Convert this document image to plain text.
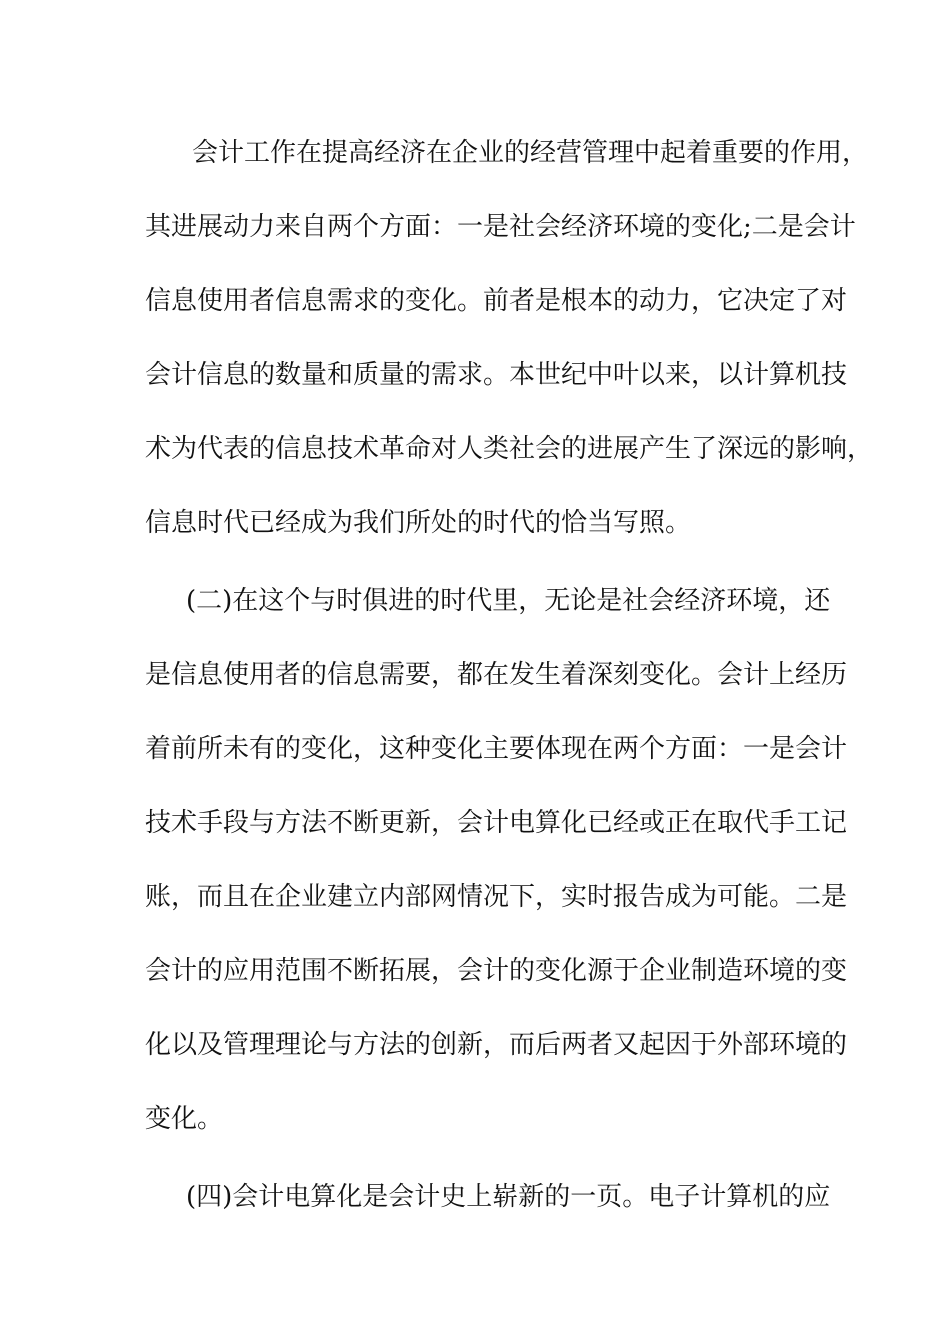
会计工作在提高经济在企业的经营管理中起着重要的作用，
其进展动力来自两个方面：一是社会经济环境的变化;二是会计
信息使用者信息需求的变化。前者是根本的动力，它决定了对
会计信息的数量和质量的需求。本世纪中叶以来，以计算机技
术为代表的信息技术革命对人类社会的进展产生了深远的影响，
信息时代已经成为我们所处的时代的恰当写照。
(二)在这个与时俱进的时代里，无论是社会经济环境，还
是信息使用者的信息需要，都在发生着深刻变化。会计上经历
着前所未有的变化，这种变化主要体现在两个方面：一是会计
技术手段与方法不断更新，会计电算化已经或正在取代手工记
账，而且在企业建立内部网情况下，实时报告成为可能。二是
会计的应用范围不断拓展，会计的变化源于企业制造环境的变
化以及管理理论与方法的创新，而后两者又起因于外部环境的
变化。
(四)会计电算化是会计史上崭新的一页。电子计算机的应
